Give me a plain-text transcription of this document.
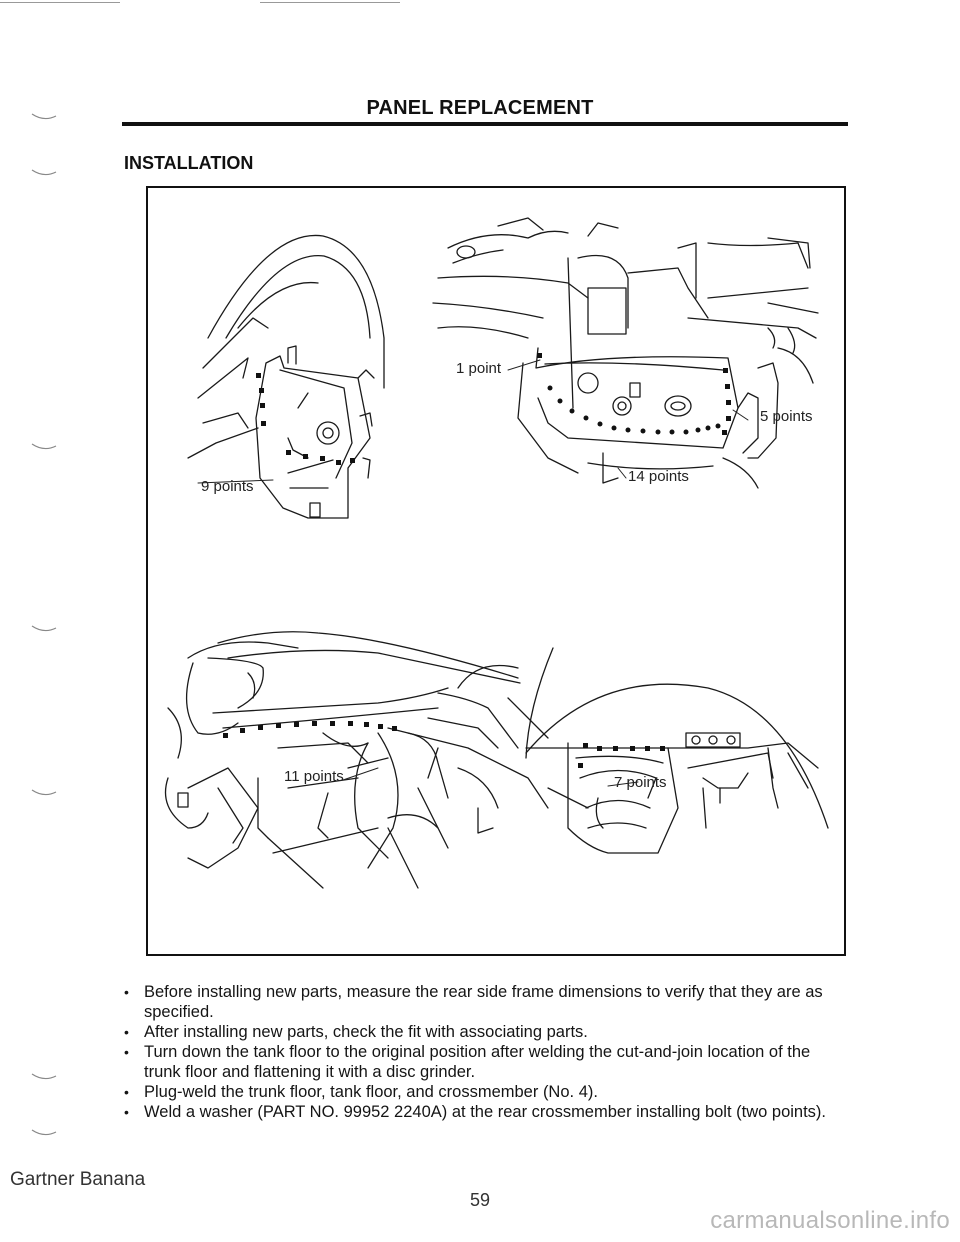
PANEL REPLACEMENT
INSTALLATION
9 points
1 point
5 points
14 points
11 points	7 points

• Before installing new parts, measure the rear side frame dimensions to verify that they are as specified.

• After installing new parts, check the fit with associating parts.

• Turn down the tank floor to the original position after welding the cut-and-join location of the trunk floor and flattening it with a disc grinder.

• Plug-weld the trunk floor, tank floor, and crossmember (No. 4).

• Weld a washer (PART NO. 99952 2240A) at the rear crossmember installing bolt (two points).

Gartner Banana
59
carmanualsonline.info
